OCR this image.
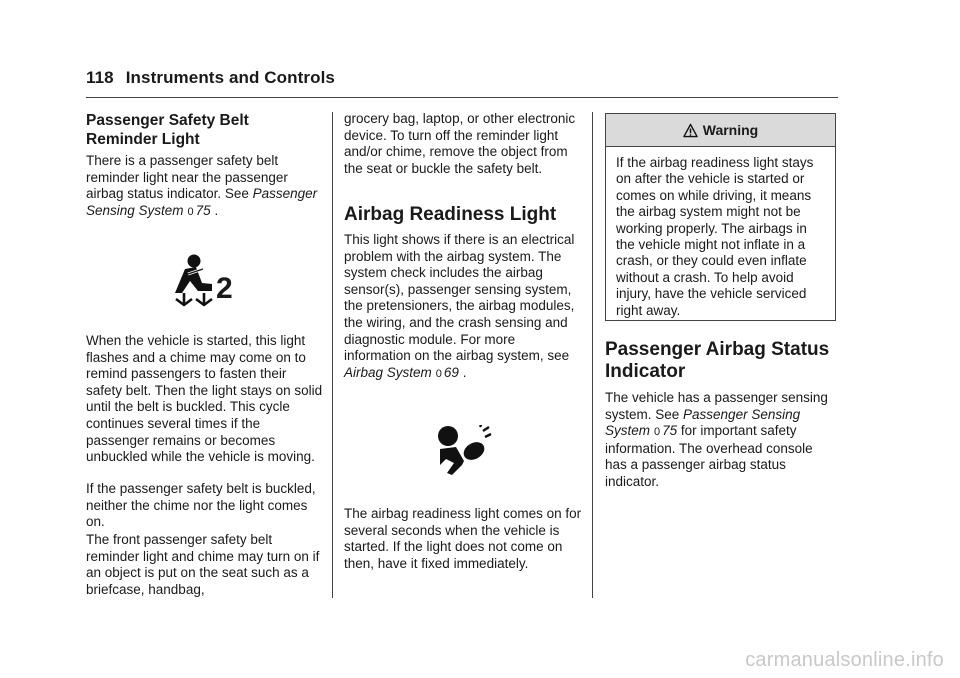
118 Instruments and Controls
Passenger Safety Belt Reminder Light

There is a passenger safety belt reminder light near the passenger airbag status indicator. See Passenger Sensing System 0 75 .

2

When the vehicle is started, this light flashes and a chime may come on to remind passengers to fasten their safety belt. Then the light stays on solid until the belt is buckled. This cycle continues several times if the passenger remains or becomes unbuckled while the vehicle is moving.

If the passenger safety belt is buckled, neither the chime nor the light comes on.

The front passenger safety belt reminder light and chime may turn on if an object is put on the seat such as a briefcase, handbag,

grocery bag, laptop, or other electronic device. To turn off the reminder light and/or chime, remove the object from the seat or buckle the safety belt.

Airbag Readiness Light

This light shows if there is an electrical problem with the airbag system. The system check includes the airbag sensor(s), passenger sensing system, the pretensioners, the airbag modules, the wiring, and the crash sensing and diagnostic module. For more information on the airbag system, see Airbag System 0 69 .

The airbag readiness light comes on for several seconds when the vehicle is started. If the light does not come on then, have it fixed immediately.

Warning
If the airbag readiness light stays on after the vehicle is started or comes on while driving, it means the airbag system might not be working properly. The airbags in the vehicle might not inflate in a crash, or they could even inflate without a crash. To help avoid injury, have the vehicle serviced right away.
Passenger Airbag Status Indicator

The vehicle has a passenger sensing system. See Passenger Sensing System 0 75 for important safety information. The overhead console has a passenger airbag status indicator.

carmanualsonline.info
